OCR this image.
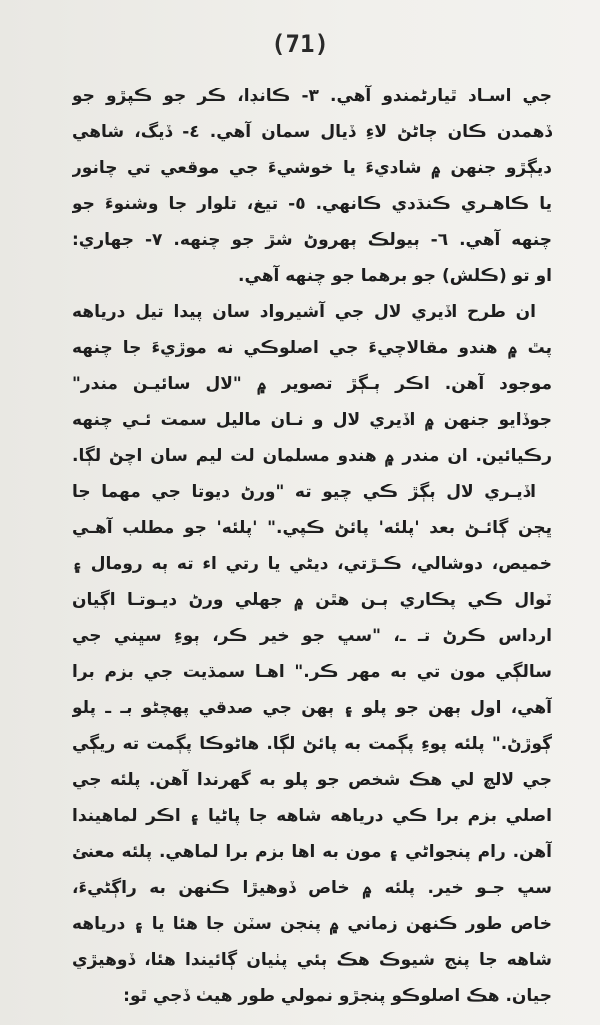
(71)
جي اسـاد ٿيارڻمندو آهي. ٣- ڪانڊا، ڪر جو ڪپڙو جو
ڏهمدن ڪان ڄاڻڻ لاءِ ڏيال سمان آهي. ٤- ڏيگ، شاهي
ديڳڙو جنهن ۾ شاديءَ يا خوشيءَ جي موقعي تي چانور
يا ڪاهـري ڪنڌدي ڪانهي. ٥- تيغ، تلوار جا وشنوءَ جو
چنهه آهي. ٦- ٻيولڪ ٻهروڻ شڙ جو چنهه. ٧- جهاري:
او تو (ڪلش) جو برهما جو چنهه آهي.
ان طرح اڏيري لال جي آشيرواد سان پيدا تيل درياهه
پٿ ۾ هندو مقالاچيءَ جي اصلوڪي نه موڙيءَ جا چنهه
موجود آهن. اڪر ٻـڳڙ تصوير ۾ "لال سائيـن مندر"
جوڏايو جنهن ۾ اڏيري لال و نـان ماليل سمت ئـي چنهه
رڪيائين. ان مندر ۾ هندو مسلمان لت ليم سان اچڻ لڳا.
اڏيـري لال ٻڳڙ ڪي چيو ته "ورڻ ديوتا جي مهما جا
ڀڄن ڳائـڻ بعد 'پلئه' پائڻ ڪپي." 'پلئه' جو مطلب آهـي
خميص، دوشالي، ڪـڙتي، ديڻي يا رتي اء ته ٻه رومال ۽
ٽوال ڪي پڪاري ٻـن هٿن ۾ جهلي ورڻ ديـوتـا اڳيان
ارداس ڪرڻ تـ ـ، "سڀ جو خير ڪر، ٻوءِ سڀني جي
سالڳي مون تي به مهر ڪر." اهـا سمڌيت جي بزم برا
آهي، اول ٻهن جو پلو ۽ ٻهن جي صدقي پهچڻو بـ ـ پلو
ڳوڙڻ." پلئه پوءِ پڳمت به پائڻ لڳا. هاڻوڪا پڳمت ته ريڳي
جي لالچ لي هڪ شخص جو پلو به گهرندا آهن. پلئه جي
اصلي بزم برا ڪي درياهه شاهه جا پاڻيا ۽ اڪر لماهيندا
آهن. رام پنجواڻي ۽ مون به اها بزم برا لماهي. پلئه معنئ
سڀ جـو خير. پلئه ۾ خاص ڏوهيڙا ڪنهن به راڳڻيءَ،
خاص طور ڪنهن زماني ۾ پنجن سٽن جا هئا يا ۽ درياهه
شاهه جا پنج شيوڪ هڪ ٻئي پٺيان ڳائيندا هئا، ڏوهيڙي
جيان. هڪ اصلوڪو پنجڙو نمولي طور هيٺ ڏجي ٿو:
